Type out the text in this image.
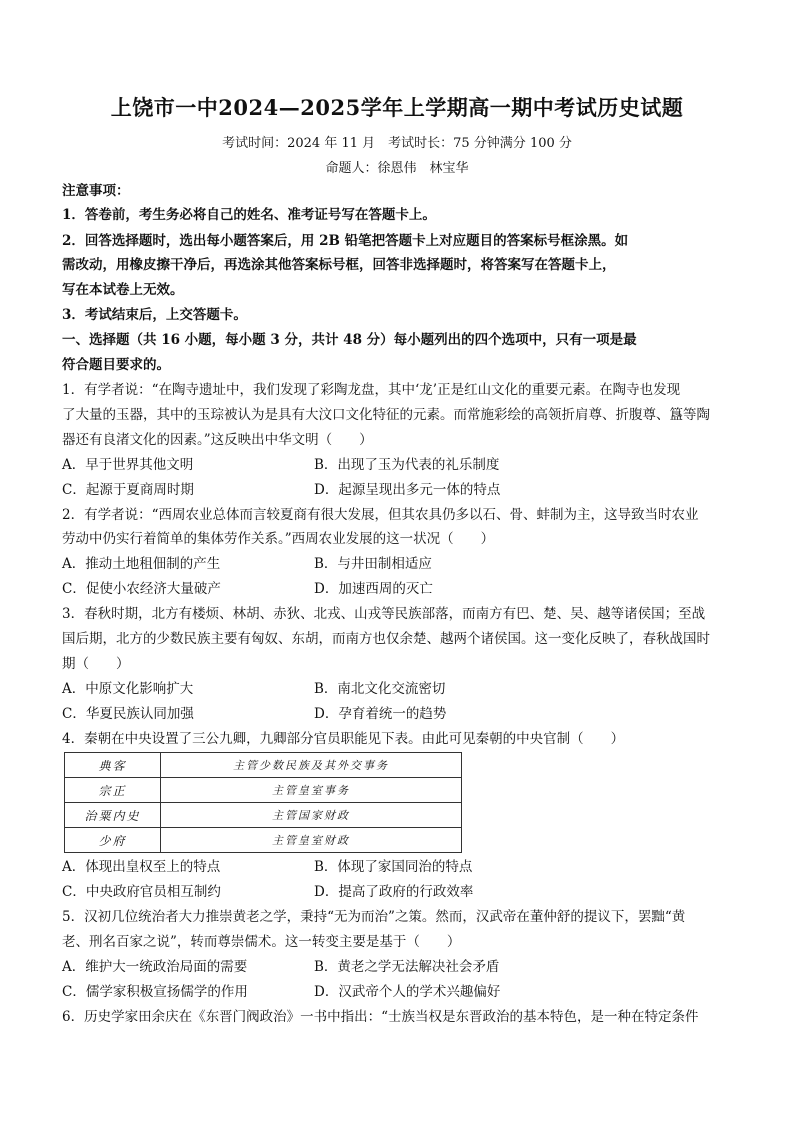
上饶市一中2024—2025学年上学期高一期中考试历史试题
考试时间：2024 年 11 月　考试时长：75 分钟满分 100 分
命题人：徐恩伟　林宝华
注意事项：
1．答卷前，考生务必将自己的姓名、准考证号写在答题卡上。
2．回答选择题时，选出每小题答案后，用 2B 铅笔把答题卡上对应题目的答案标号框涂黑。如
需改动，用橡皮擦干净后，再选涂其他答案标号框，回答非选择题时，将答案写在答题卡上，
写在本试卷上无效。
3．考试结束后，上交答题卡。
一、选择题（共 16 小题，每小题 3 分，共计 48 分）每小题列出的四个选项中，只有一项是最
符合题目要求的。
1．有学者说：“在陶寺遗址中，我们发现了彩陶龙盘，其中‘龙’正是红山文化的重要元素。在陶寺也发现
了大量的玉器，其中的玉琮被认为是具有大汶口文化特征的元素。而常施彩绘的高领折肩尊、折腹尊、簋等陶
器还有良渚文化的因素。”这反映出中华文明（　　）
A．早于世界其他文明	B．出现了玉为代表的礼乐制度
C．起源于夏商周时期	D．起源呈现出多元一体的特点
2．有学者说：“西周农业总体而言较夏商有很大发展，但其农具仍多以石、骨、蚌制为主，这导致当时农业
劳动中仍实行着简单的集体劳作关系。”西周农业发展的这一状况（　　）
A．推动土地租佃制的产生	B．与井田制相适应
C．促使小农经济大量破产	D．加速西周的灭亡
3．春秋时期，北方有楼烦、林胡、赤狄、北戎、山戎等民族部落，而南方有巴、楚、吴、越等诸侯国；至战
国后期，北方的少数民族主要有匈奴、东胡，而南方也仅余楚、越两个诸侯国。这一变化反映了，春秋战国时
期（　　）
A．中原文化影响扩大	B．南北文化交流密切
C．华夏民族认同加强	D．孕育着统一的趋势
4．秦朝在中央设置了三公九卿，九卿部分官员职能见下表。由此可见秦朝的中央官制（　　）
典客	主管少数民族及其外交事务
宗正	主管皇室事务
治粟内史	主管国家财政
少府	主管皇室财政
A．体现出皇权至上的特点	B．体现了家国同治的特点
C．中央政府官员相互制约	D．提高了政府的行政效率
5．汉初几位统治者大力推崇黄老之学，秉持“无为而治”之策。然而，汉武帝在董仲舒的提议下，罢黜“黄
老、刑名百家之说”，转而尊崇儒术。这一转变主要是基于（　　）
A．维护大一统政治局面的需要	B．黄老之学无法解决社会矛盾
C．儒学家积极宣扬儒学的作用	D．汉武帝个人的学术兴趣偏好
6．历史学家田余庆在《东晋门阀政治》一书中指出：“士族当权是东晋政治的基本特色，是一种在特定条件
